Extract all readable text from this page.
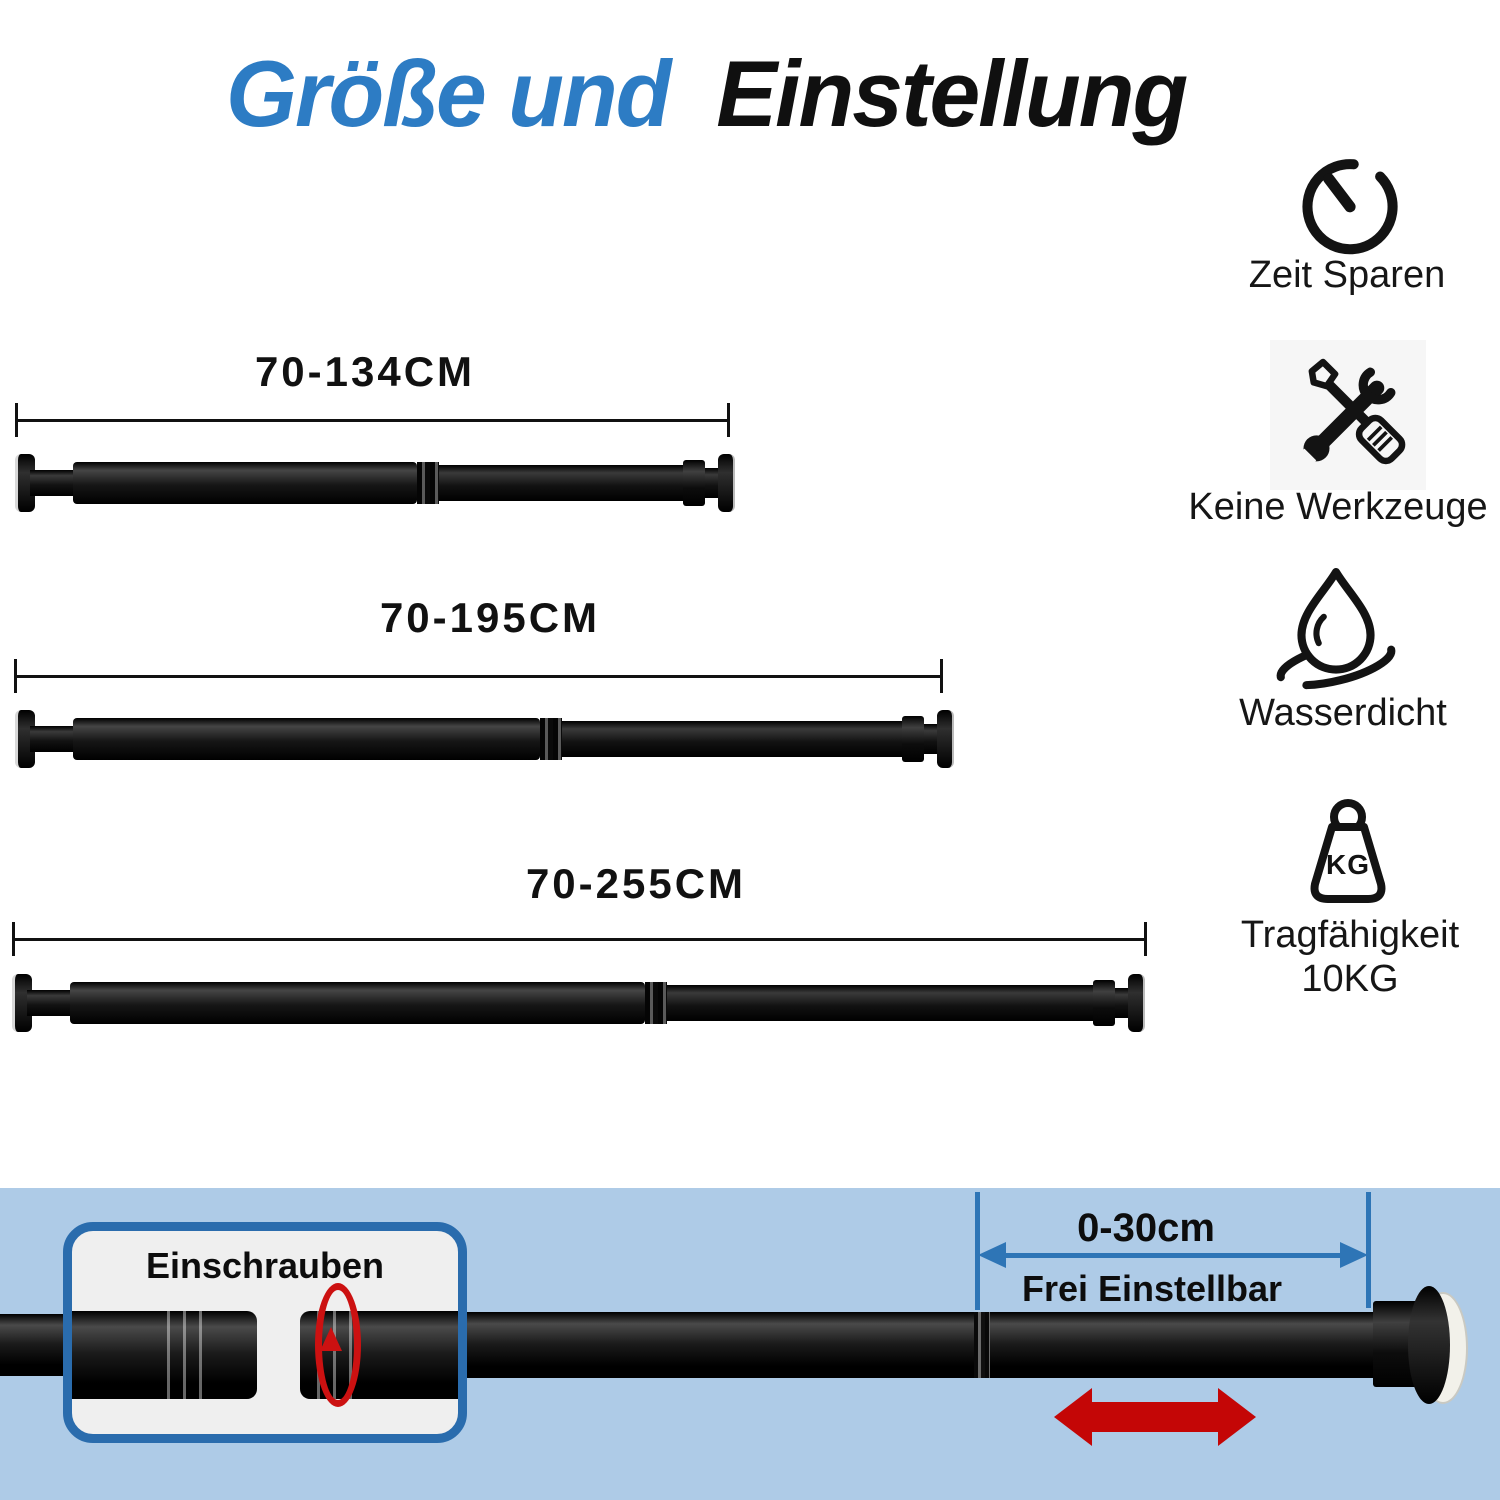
Größe und Einstellung
70-134CM
70-195CM
70-255CM
Zeit Sparen
Keine Werkzeuge
Wasserdicht
KG
Tragfähigkeit
10KG
Einschrauben
0-30cm
Frei Einstellbar
